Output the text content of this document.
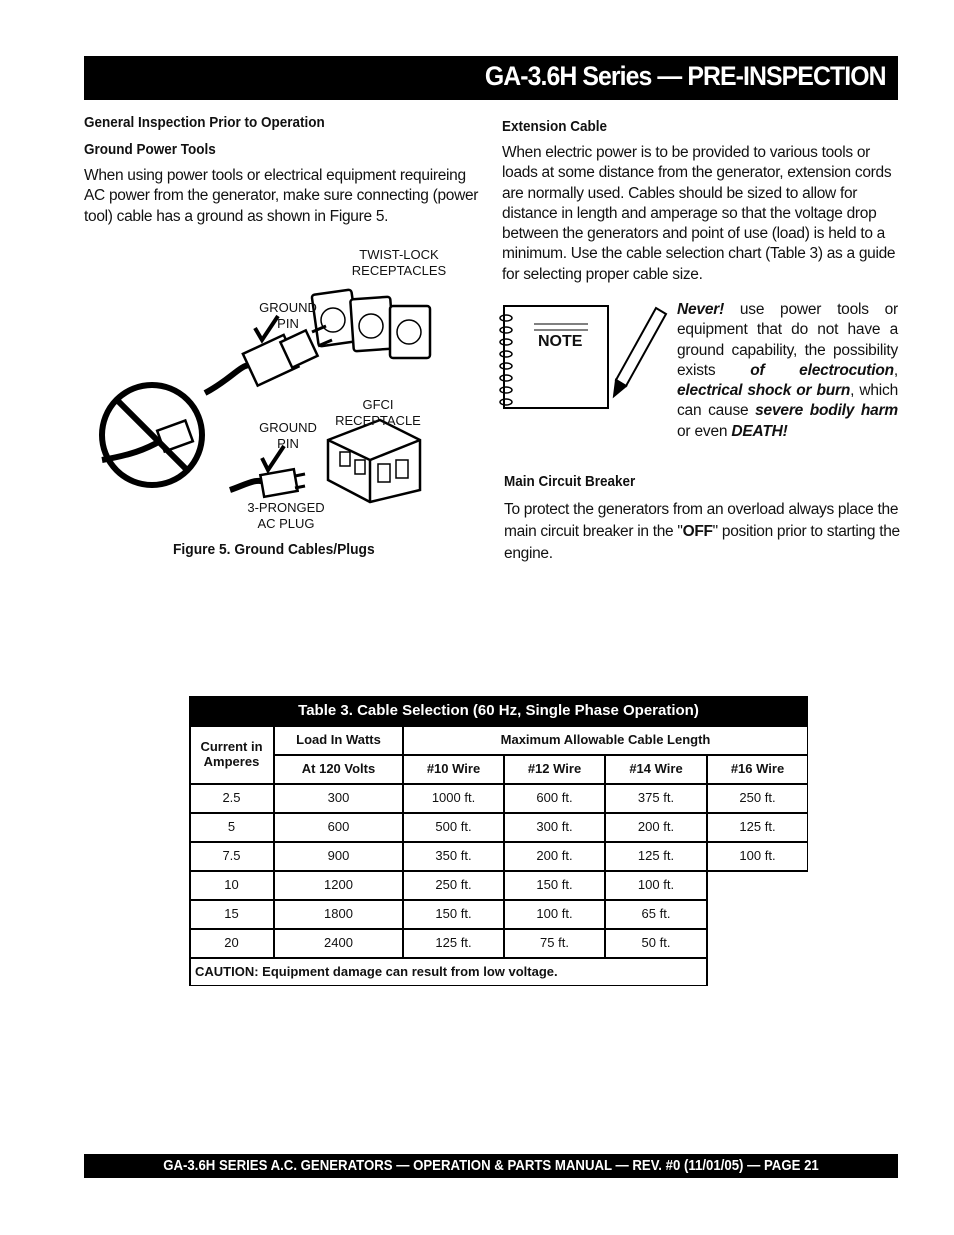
GA-3.6H Series — PRE-INSPECTION
General Inspection Prior to Operation
Ground Power Tools
When using power tools or electrical equipment requireing AC power from the generator, make sure connecting (power tool) cable has a ground as shown in Figure 5.
TWIST-LOCK
RECEPTACLES
GROUND
PIN
GFCI
RECEPTACLE
GROUND
PIN
3-PRONGED
AC PLUG
Figure 5. Ground Cables/Plugs
Extension Cable
When electric power is to be provided to various tools or loads at some distance from the generator, extension cords are normally used. Cables should be sized to allow for distance in length and amperage so that the voltage drop between the generators and point of use (load) is held to a minimum. Use the cable selection chart (Table 3) as a guide for selecting proper cable size.
NOTE
Never! use power tools or equipment that do not have a ground capability, the possibility exists of electrocution, electrical shock or burn, which can cause severe bodily harm or even DEATH!
Main Circuit Breaker
To protect the generators from an overload always place the main circuit breaker in the "OFF" position prior to starting the engine.
Table 3. Cable Selection (60 Hz, Single Phase Operation)
Current in Amperes
Load In Watts	Maximum Allowable Cable Length
At 120 Volts	#10 Wire	#12 Wire	#14 Wire	#16 Wire
2.5	300	1000 ft.	600 ft.	375 ft.	250 ft.
5	600	500 ft.	300 ft.	200 ft.	125 ft.
7.5	900	350 ft.	200 ft.	125 ft.	100 ft.
10	1200	250 ft.	150 ft.	100 ft.
15	1800	150 ft.	100 ft.	65 ft.
20	2400	125 ft.	75 ft.	50 ft.
CAUTION: Equipment damage can result from low voltage.
GA-3.6H SERIES A.C. GENERATORS — OPERATION & PARTS MANUAL — REV. #0 (11/01/05) — PAGE 21
